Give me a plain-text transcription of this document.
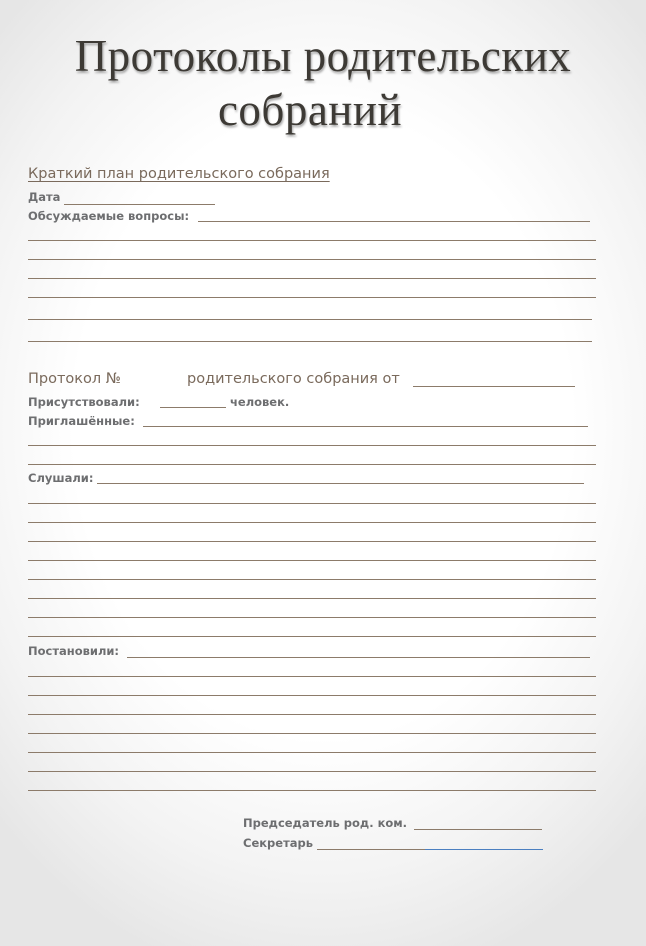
Протоколы родительских
собраний
Краткий план родительского собрания
Дата
Обсуждаемые вопросы:
Протокол №	родительского собрания от
Присутствовали:	человек.
Приглашённые:
Слушали:
Постановили:
Председатель род. ком.
Секретарь
